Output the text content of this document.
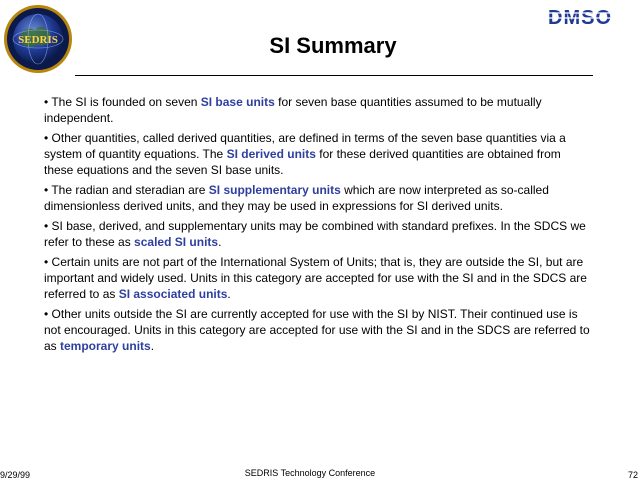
SEDRIS
DMSO
SI Summary

• The SI is founded on seven SI base units for seven base quantities assumed to be mutually independent.

• Other quantities, called derived quantities, are defined in terms of the seven base quantities via a system of quantity equations. The SI derived units for these derived quantities are obtained from these equations and the seven SI base units.

• The radian and steradian are SI supplementary units which are now interpreted as so-called dimensionless derived units, and they may be used in expressions for SI derived units.

• SI base, derived, and supplementary units may be combined with standard prefixes. In the SDCS we refer to these as scaled SI units.

• Certain units are not part of the International System of Units; that is, they are outside the SI, but are important and widely used. Units in this category are accepted for use with the SI and in the SDCS are referred to as SI associated units.

• Other units outside the SI are currently accepted for use with the SI by NIST. Their continued use is not encouraged. Units in this category are accepted for use with the SI and in the SDCS are referred to as temporary units.

9/29/99	SEDRIS Technology Conference	72
